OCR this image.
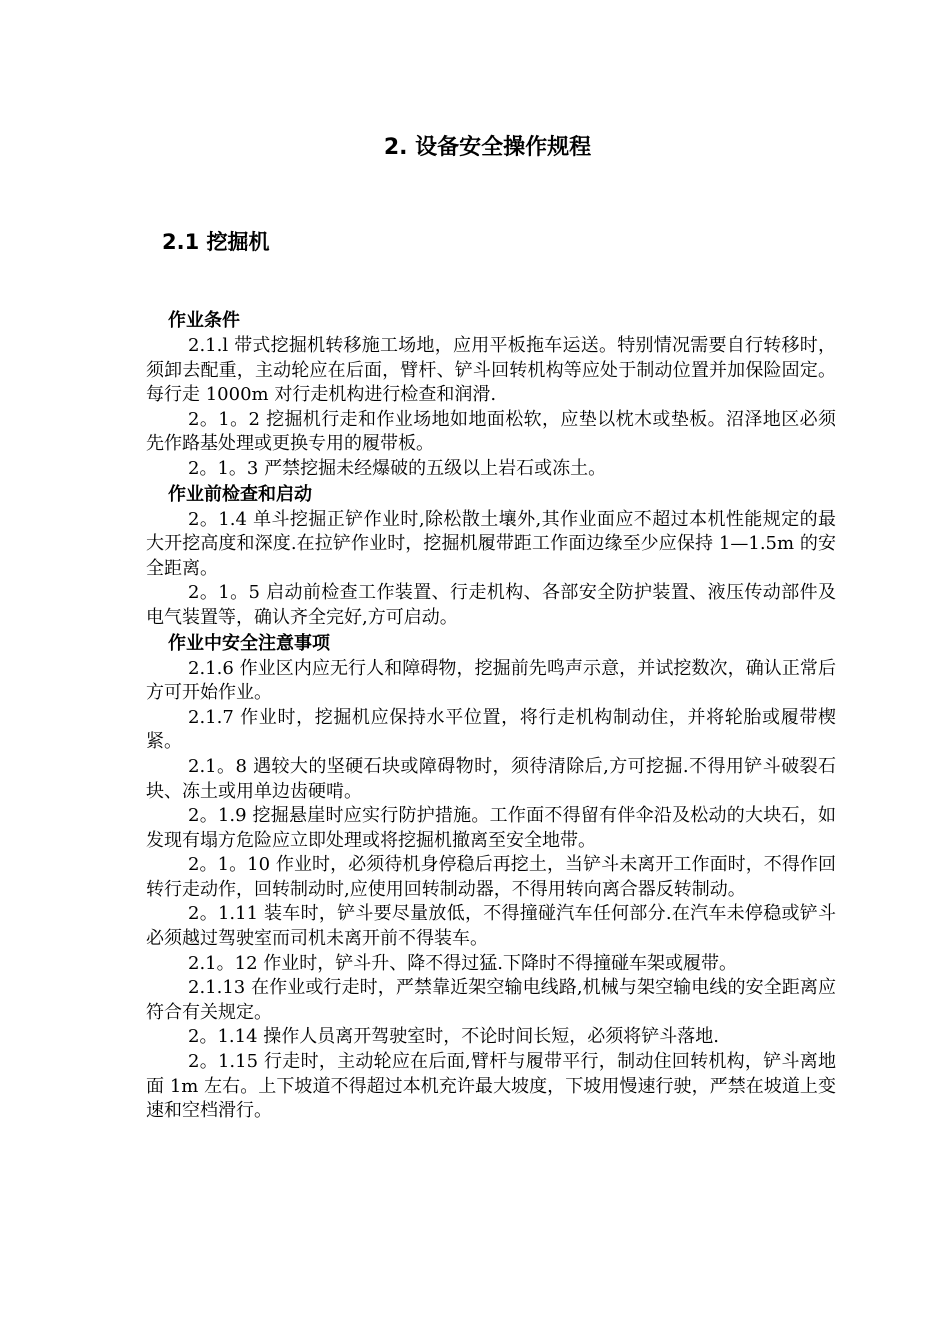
2. 设备安全操作规程
2.1 挖掘机
作业条件

2.1.l 带式挖掘机转移施工场地，应用平板拖车运送。特别情况需要自行转移时，须卸去配重，主动轮应在后面，臂杆、铲斗回转机构等应处于制动位置并加保险固定。每行走 1000m 对行走机构进行检查和润滑.

2。1。2 挖掘机行走和作业场地如地面松软，应垫以枕木或垫板。沼泽地区必须先作路基处理或更换专用的履带板。

2。1。3 严禁挖掘未经爆破的五级以上岩石或冻土。

作业前检查和启动

2。1.4 单斗挖掘正铲作业时,除松散土壤外,其作业面应不超过本机性能规定的最大开挖高度和深度.在拉铲作业时，挖掘机履带距工作面边缘至少应保持 1—1.5m 的安全距离。

2。1。5 启动前检查工作装置、行走机构、各部安全防护装置、液压传动部件及电气装置等，确认齐全完好,方可启动。

作业中安全注意事项

2.1.6 作业区内应无行人和障碍物，挖掘前先鸣声示意，并试挖数次，确认正常后方可开始作业。

2.1.7 作业时，挖掘机应保持水平位置，将行走机构制动住，并将轮胎或履带楔紧。

2.1。8 遇较大的坚硬石块或障碍物时，须待清除后,方可挖掘.不得用铲斗破裂石块、冻土或用单边齿硬啃。

2。1.9 挖掘悬崖时应实行防护措施。工作面不得留有伴伞沿及松动的大块石，如发现有塌方危险应立即处理或将挖掘机撤离至安全地带。

2。1。10 作业时，必须待机身停稳后再挖土，当铲斗未离开工作面时，不得作回转行走动作，回转制动时,应使用回转制动器，不得用转向离合器反转制动。

2。1.11 装车时，铲斗要尽量放低，不得撞碰汽车任何部分.在汽车未停稳或铲斗必须越过驾驶室而司机未离开前不得装车。

2.1。12 作业时，铲斗升、降不得过猛.下降时不得撞碰车架或履带。

2.1.13 在作业或行走时，严禁靠近架空输电线路,机械与架空输电线的安全距离应符合有关规定。

2。1.14 操作人员离开驾驶室时，不论时间长短，必须将铲斗落地.

2。1.15 行走时，主动轮应在后面,臂杆与履带平行，制动住回转机构，铲斗离地面 1m 左右。上下坡道不得超过本机充许最大坡度，下坡用慢速行驶，严禁在坡道上变速和空档滑行。
